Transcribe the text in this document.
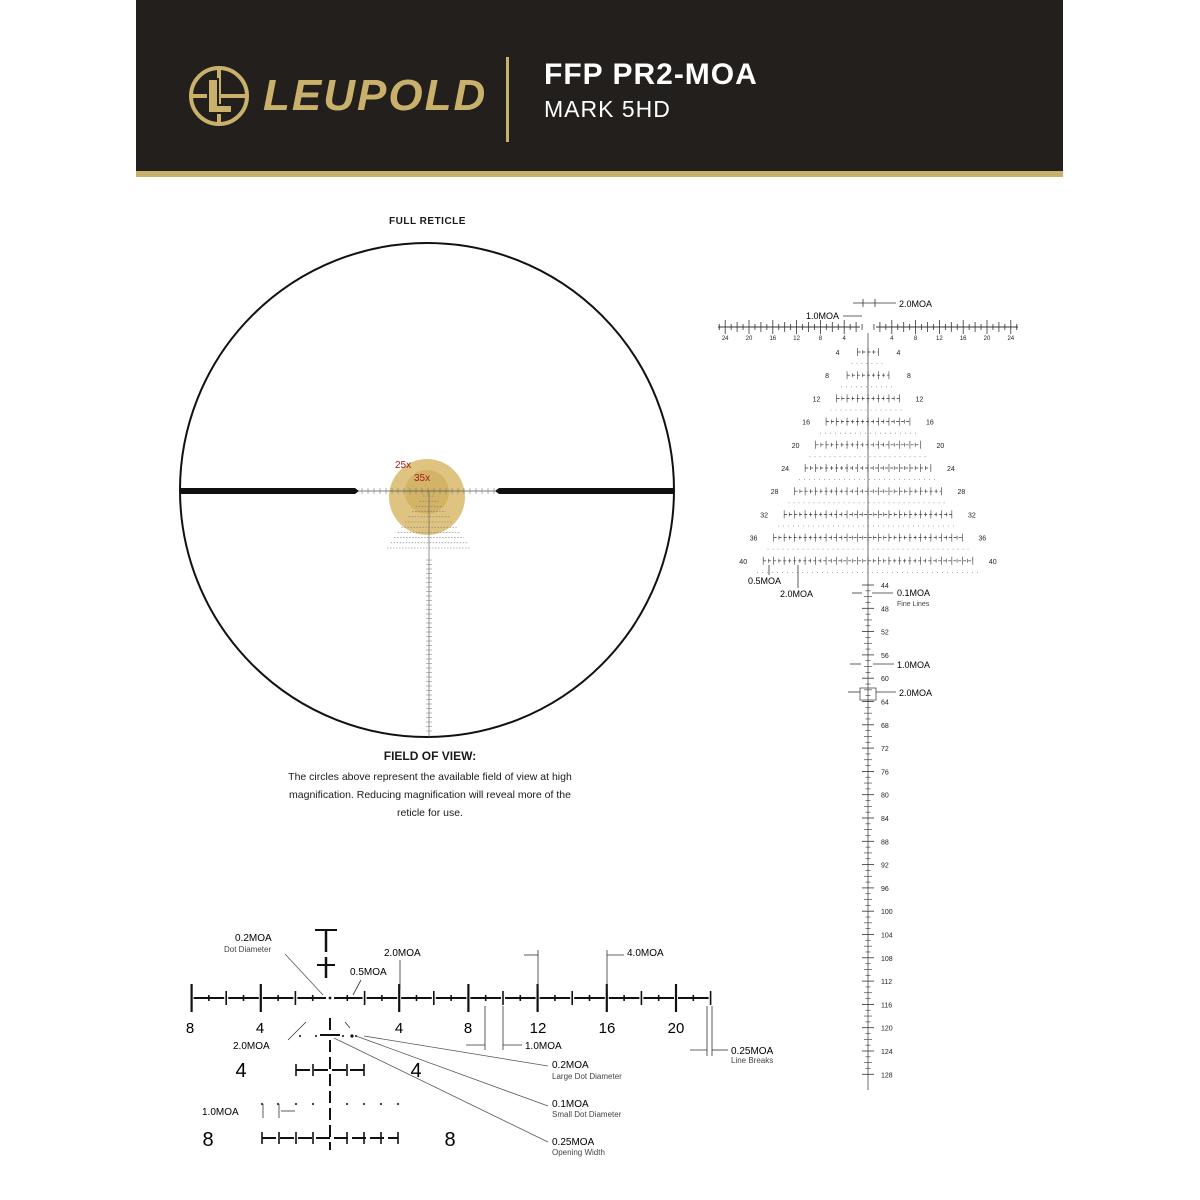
LEUPOLD FFP PR2-MOA
MARK 5HD
FULL RETICLE
FIELD OF VIEW:
The circles above represent the available field of view at high magnification. Reducing magnification will reveal more of the reticle for use.
25x
35x
24	20	16	12	8	4	4	8	12	16	20	24
4	4
8	8
12	12
16	16
20	20
24	24
28	28
32	32
36	36
40	40
44
48
52
56
60
64
68
72
76
80
84
88
92
96
100
104
108
112
116
120
124
128
2.0MOA
1.0MOA
0.5MOA
2.0MOA	0.1MOA
Fine Lines
1.0MOA
2.0MOA
0.2MOA
Dot Diameter	2.0MOA
0.5MOA
4.0MOA
2.0MOA	1.0MOA	0.25MOA
Line Breaks
0.2MOA
Large Dot Diameter
0.1MOA
Small Dot Diameter
0.25MOA
Opening Width
1.0MOA
8	4	4	8	12	16	20
4	4
8	8
